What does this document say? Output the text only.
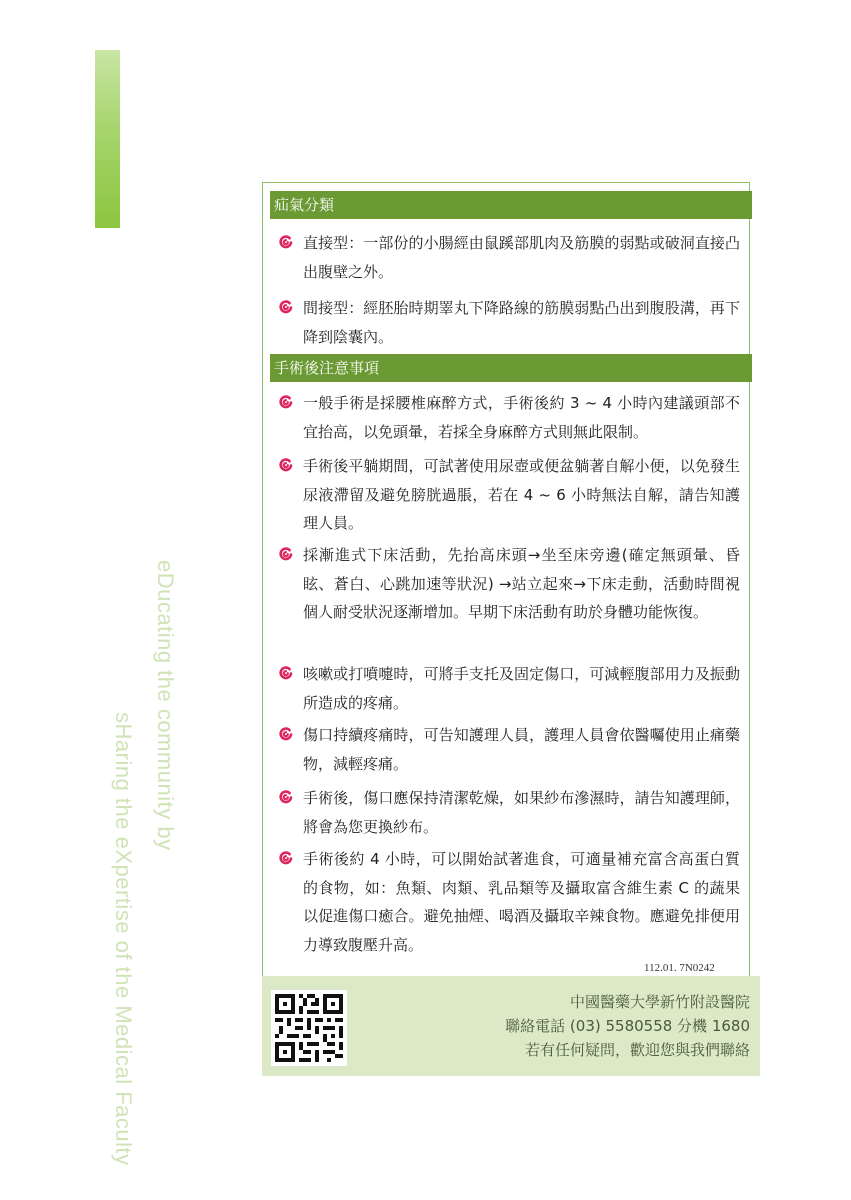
eDucating the community by
sHaring the eXpertise of the Medical Faculty
疝氣分類
直接型：一部份的小腸經由鼠蹊部肌肉及筋膜的弱點或破洞直接凸出腹壁之外。
間接型：經胚胎時期睪丸下降路線的筋膜弱點凸出到腹股溝，再下降到陰囊內。
手術後注意事項
一般手術是採腰椎麻醉方式，手術後約 3 ~ 4 小時內建議頭部不宜抬高，以免頭暈，若採全身麻醉方式則無此限制。
手術後平躺期間，可試著使用尿壺或便盆躺著自解小便，以免發生尿液滯留及避免膀胱過脹，若在 4 ~ 6 小時無法自解，請告知護理人員。
採漸進式下床活動，先抬高床頭→坐至床旁邊(確定無頭暈、昏眩、蒼白、心跳加速等狀況) →站立起來→下床走動，活動時間視個人耐受狀況逐漸增加。早期下床活動有助於身體功能恢復。
咳嗽或打噴嚏時，可將手支托及固定傷口，可減輕腹部用力及振動所造成的疼痛。
傷口持續疼痛時，可告知護理人員，護理人員會依醫囑使用止痛藥物，減輕疼痛。
手術後，傷口應保持清潔乾燥，如果紗布滲濕時，請告知護理師，將會為您更換紗布。
手術後約 4 小時，可以開始試著進食，可適量補充富含高蛋白質的食物，如：魚類、肉類、乳品類等及攝取富含維生素 C 的蔬果以促進傷口癒合。避免抽煙、喝酒及攝取辛辣食物。應避免排便用力導致腹壓升高。
112.01. 7N0242
中國醫藥大學新竹附設醫院
聯絡電話 (03) 5580558 分機 1680
若有任何疑問，歡迎您與我們聯絡
